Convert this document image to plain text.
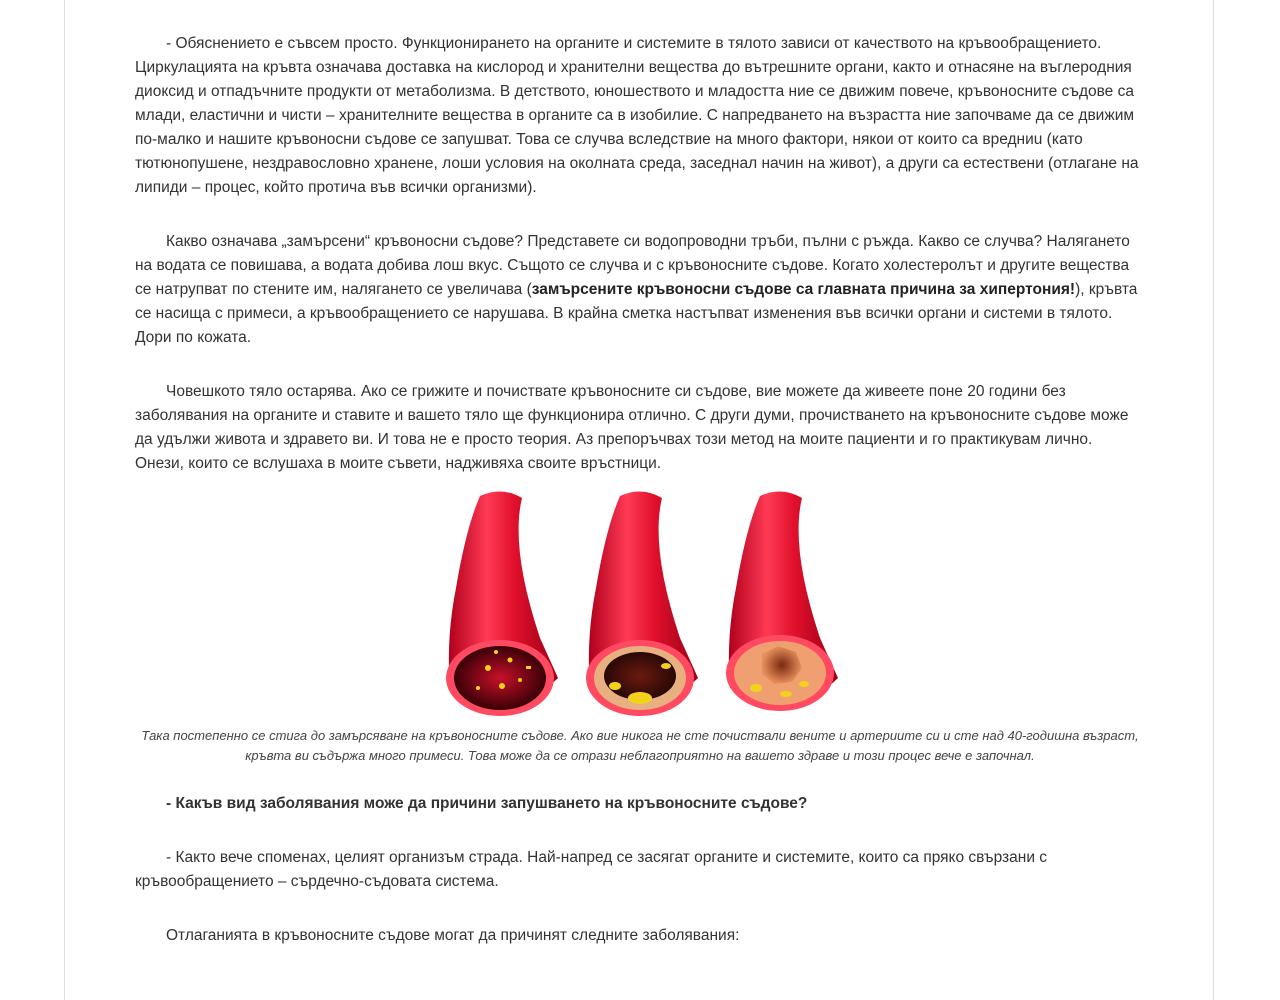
- Обяснението е съвсем просто. Функционирането на органите и системите в тялото зависи от качеството на кръвообращението. Циркулацията на кръвта означава доставка на кислород и хранителни вещества до вътрешните органи, както и отнасяне на въглеродния диоксид и отпадъчните продукти от метаболизма. В детството, юношеството и младостта ние се движим повече, кръвоносните съдове са млади, еластични и чисти – хранителните вещества в органите са в изобилие. С напредването на възрастта ние започваме да се движим по-малко и нашите кръвоносни съдове се запушват. Това се случва вследствие на много фактори, някои от които са вредниu (като тютюнопушене, нездравословно хранене, лоши условия на околната среда, заседнал начин на живот), а други са естествени (отлагане на липиди – процес, който протича във всички организми).

Какво означава „замърсени“ кръвоносни съдове? Представете си водопроводни тръби, пълни с ръжда. Какво се случва? Налягането на водата се повишава, а водата добива лош вкус. Същото се случва и с кръвоносните съдове. Когато холестеролът и другите вещества се натрупват по стените им, налягането се увеличава (замърсените кръвоносни съдове са главната причина за хипертония!), кръвта се насища с примеси, а кръвообращението се нарушава. В крайна сметка настъпват изменения във всички органи и системи в тялото. Дори по кожата.

Човешкото тяло остарява. Ако се грижите и почиствате кръвоносните си съдове, вие можете да живеете поне 20 години без заболявания на органите и ставите и вашето тяло ще функционира отлично. С други думи, прочистването на кръвоносните съдове може да удължи живота и здравето ви. И това не е просто теория. Аз препоръчвах този метод на моите пациенти и го практикувам лично. Онези, които се вслушаха в моите съвети, надживяха своите връстници.

Така постепенно се стига до замърсяване на кръвоносните съдове. Ако вие никога не сте почиствали вените и артериите си и сте над 40-годишна възраст, кръвта ви съдържа много примеси. Това може да се отрази неблагоприятно на вашето здраве и този процес вече е започнал.

- Какъв вид заболявания може да причини запушването на кръвоносните съдове?

- Както вече споменах, целият организъм страда. Най-напред се засягат органите и системите, които са пряко свързани с кръвообращението – сърдечно-съдовата система.

Отлаганията в кръвоносните съдове могат да причинят следните заболявания:
